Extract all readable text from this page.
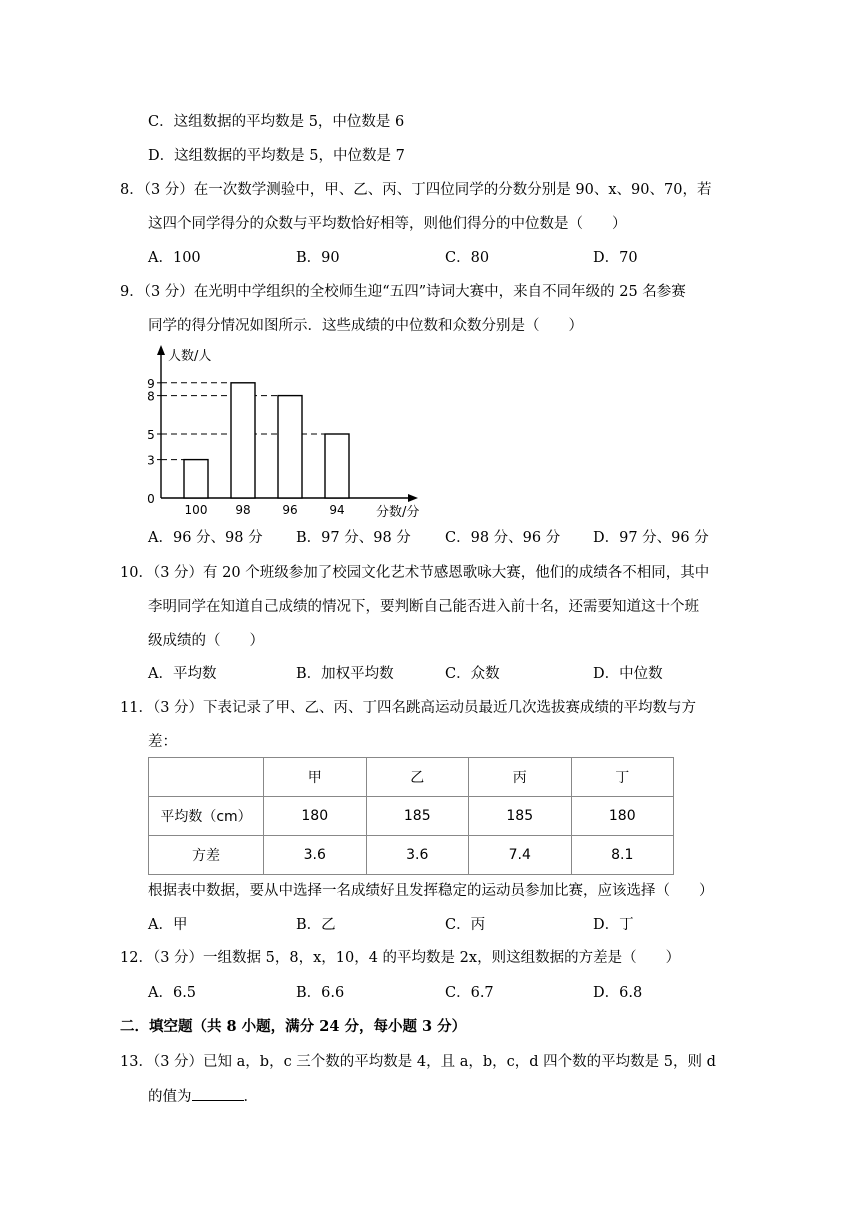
C．这组数据的平均数是 5，中位数是 6
D．这组数据的平均数是 5，中位数是 7
8．（3 分）在一次数学测验中，甲、乙、丙、丁四位同学的分数分别是 90、x、90、70，若
这四个同学得分的众数与平均数恰好相等，则他们得分的中位数是（　　）
A．100	B．90	C．80	D．70
9．（3 分）在光明中学组织的全校师生迎“五四”诗词大赛中，来自不同年级的 25 名参赛
同学的得分情况如图所示．这些成绩的中位数和众数分别是（　　）
人数/人
分数/分
0
3
5
8
9
100 98	96	94
A．96 分、98 分 B．97 分、98 分 C．98 分、96 分 D．97 分、96 分
10．（3 分）有 20 个班级参加了校园文化艺术节感恩歌咏大赛，他们的成绩各不相同，其中
李明同学在知道自己成绩的情况下，要判断自己能否进入前十名，还需要知道这十个班
级成绩的（　　）
A．平均数	B．加权平均数	C．众数	D．中位数
11．（3 分）下表记录了甲、乙、丙、丁四名跳高运动员最近几次选拔赛成绩的平均数与方
差：
	甲	乙	丙	丁
平均数（cm）	180	185	185	180
方差	3.6	3.6	7.4	8.1
根据表中数据，要从中选择一名成绩好且发挥稳定的运动员参加比赛，应该选择（　　）
A．甲	B．乙	C．丙	D．丁
12．（3 分）一组数据 5，8，x，10，4 的平均数是 2x，则这组数据的方差是（　　）
A．6.5	B．6.6	C．6.7	D．6.8
二．填空题（共 8 小题，满分 24 分，每小题 3 分）
13．（3 分）已知 a，b，c 三个数的平均数是 4，且 a，b，c，d 四个数的平均数是 5，则 d
的值为	．
